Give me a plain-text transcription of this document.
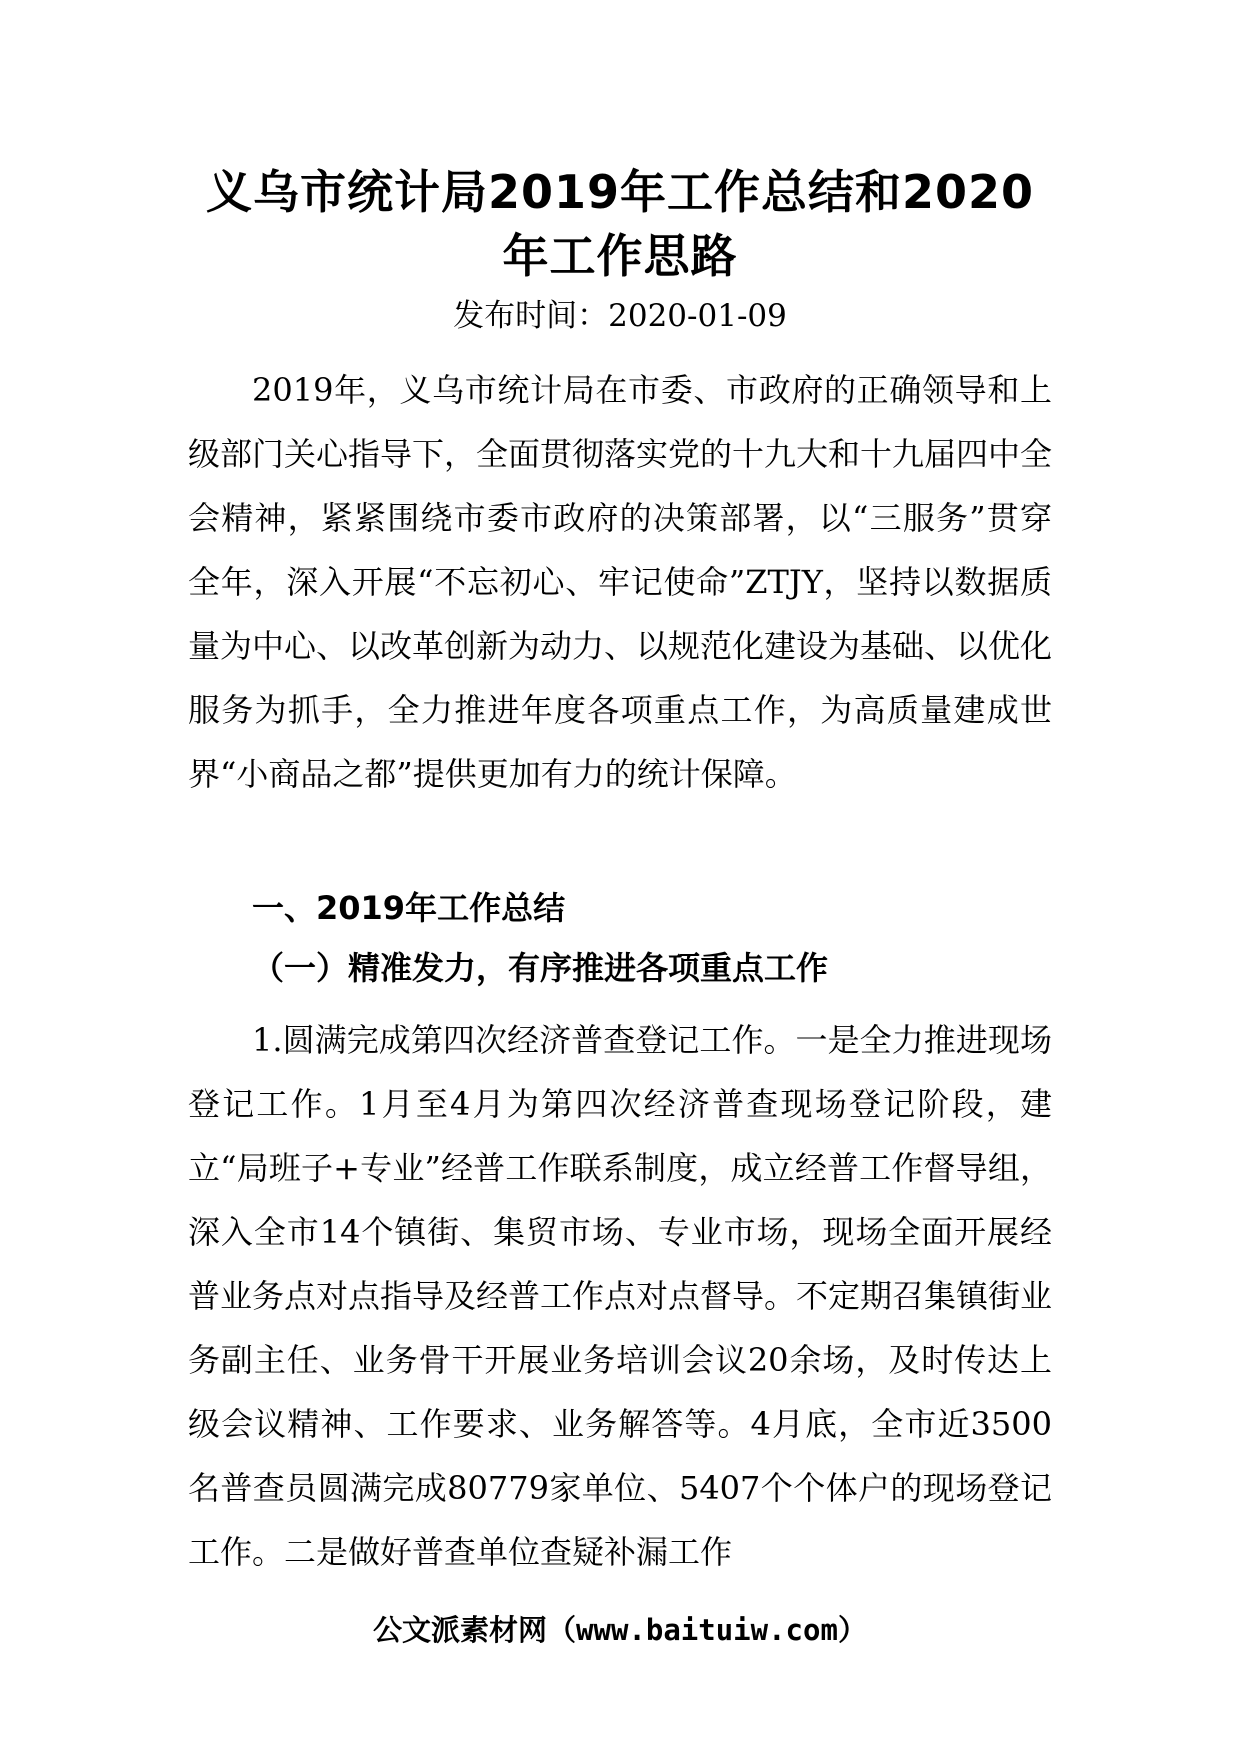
义乌市统计局2019年工作总结和2020年工作思路
发布时间：2020-01-09

2019年，义乌市统计局在市委、市政府的正确领导和上级部门关心指导下，全面贯彻落实党的十九大和十九届四中全会精神，紧紧围绕市委市政府的决策部署，以“三服务”贯穿全年，深入开展“不忘初心、牢记使命”ZTJY，坚持以数据质量为中心、以改革创新为动力、以规范化建设为基础、以优化服务为抓手，全力推进年度各项重点工作，为高质量建成世界“小商品之都”提供更加有力的统计保障。

一、2019年工作总结
（一）精准发力，有序推进各项重点工作

1.圆满完成第四次经济普查登记工作。一是全力推进现场登记工作。1月至4月为第四次经济普查现场登记阶段，建立“局班子+专业”经普工作联系制度，成立经普工作督导组，深入全市14个镇街、集贸市场、专业市场，现场全面开展经普业务点对点指导及经普工作点对点督导。不定期召集镇街业务副主任、业务骨干开展业务培训会议20余场，及时传达上级会议精神、工作要求、业务解答等。4月底，全市近3500名普查员圆满完成80779家单位、5407个个体户的现场登记工作。二是做好普查单位查疑补漏工作

公文派素材网（www.baituiw.com）
